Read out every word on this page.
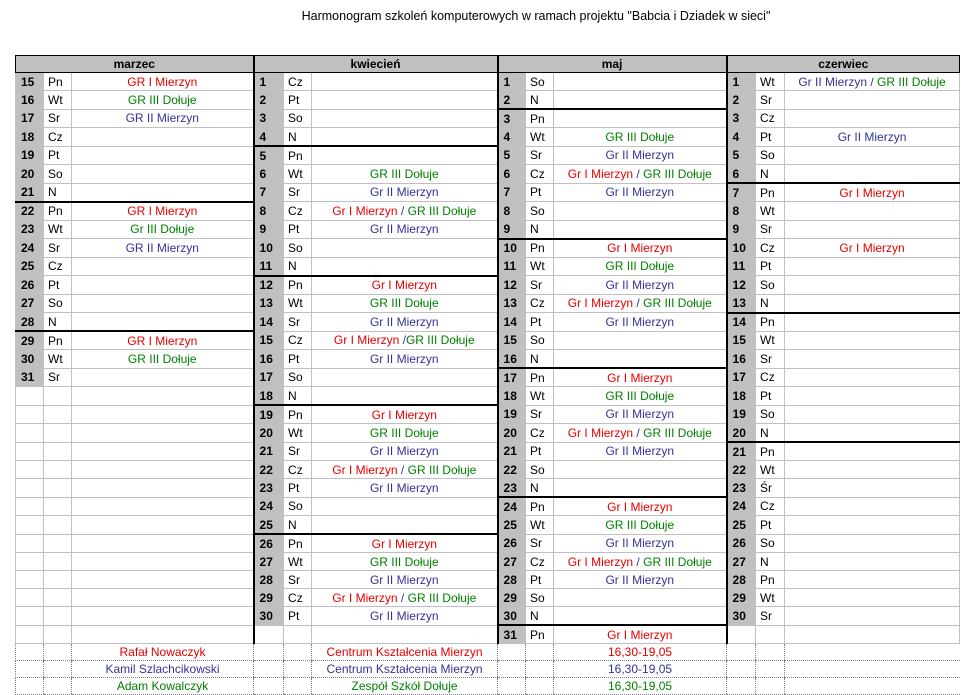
Harmonogram szkoleń komputerowych w ramach projektu "Babcia i Dziadek w sieci"
marzec			kwiecień			maj			czerwiec		
15	Pn	GR I Mierzyn	1	Cz		1	So		1	Wt	Gr II Mierzyn / GR III Dołuje
16	Wt	GR III Dołuje	2	Pt		2	N		2	Sr	
17	Sr	GR II Mierzyn	3	So		3	Pn		3	Cz	
18	Cz		4	N		4	Wt	GR III Dołuje	4	Pt	Gr II Mierzyn
19	Pt		5	Pn		5	Sr	Gr II Mierzyn	5	So	
20	So		6	Wt	GR III Dołuje	6	Cz	Gr I Mierzyn / GR III Dołuje	6	N	
21	N		7	Sr	Gr II Mierzyn	7	Pt	Gr II Mierzyn	7	Pn	Gr I Mierzyn
22	Pn	GR I Mierzyn	8	Cz	Gr I Mierzyn / GR III Dołuje	8	So		8	Wt	
23	Wt	Gr III Dołuje	9	Pt	Gr II Mierzyn	9	N		9	Sr	
24	Sr	GR II Mierzyn	10	So		10	Pn	Gr I Mierzyn	10	Cz	Gr I Mierzyn
25	Cz		11	N		11	Wt	GR III Dołuje	11	Pt	
26	Pt		12	Pn	Gr I Mierzyn	12	Sr	Gr II Mierzyn	12	So	
27	So		13	Wt	GR III Dołuje	13	Cz	Gr I Mierzyn / GR III Dołuje	13	N	
28	N		14	Sr	Gr II Mierzyn	14	Pt	Gr II Mierzyn	14	Pn	
29	Pn	GR I Mierzyn	15	Cz	Gr I Mierzyn /GR III Dołuje	15	So		15	Wt	
30	Wt	GR III Dołuje	16	Pt	Gr II Mierzyn	16	N		16	Sr	
31	Sr		17	So		17	Pn	Gr I Mierzyn	17	Cz	
			18	N		18	Wt	GR III Dołuje	18	Pt	
			19	Pn	Gr I Mierzyn	19	Sr	Gr II Mierzyn	19	So	
			20	Wt	GR III Dołuje	20	Cz	Gr I Mierzyn / GR III Dołuje	20	N	
			21	Sr	Gr II Mierzyn	21	Pt	Gr II Mierzyn	21	Pn	
			22	Cz	Gr I Mierzyn / GR III Dołuje	22	So		22	Wt	
			23	Pt	Gr II Mierzyn	23	N		23	Śr	
			24	So		24	Pn	Gr I Mierzyn	24	Cz	
			25	N		25	Wt	GR III Dołuje	25	Pt	
			26	Pn	Gr I Mierzyn	26	Sr	Gr II Mierzyn	26	So	
			27	Wt	GR III Dołuje	27	Cz	Gr I Mierzyn / GR III Dołuje	27	N	
			28	Sr	Gr II Mierzyn	28	Pt	Gr II Mierzyn	28	Pn	
			29	Cz	Gr I Mierzyn / GR III Dołuje	29	So		29	Wt	
			30	Pt	Gr II Mierzyn	30	N		30	Sr	
						31	Pn	Gr I Mierzyn			
		Rafał Nowaczyk			Centrum Kształcenia Mierzyn			16,30-19,05			
		Kamil Szlachcikowski			Centrum Kształcenia Mierzyn			16,30-19,05			
		Adam Kowalczyk			Zespół Szkół Dołuje			16,30-19,05			
